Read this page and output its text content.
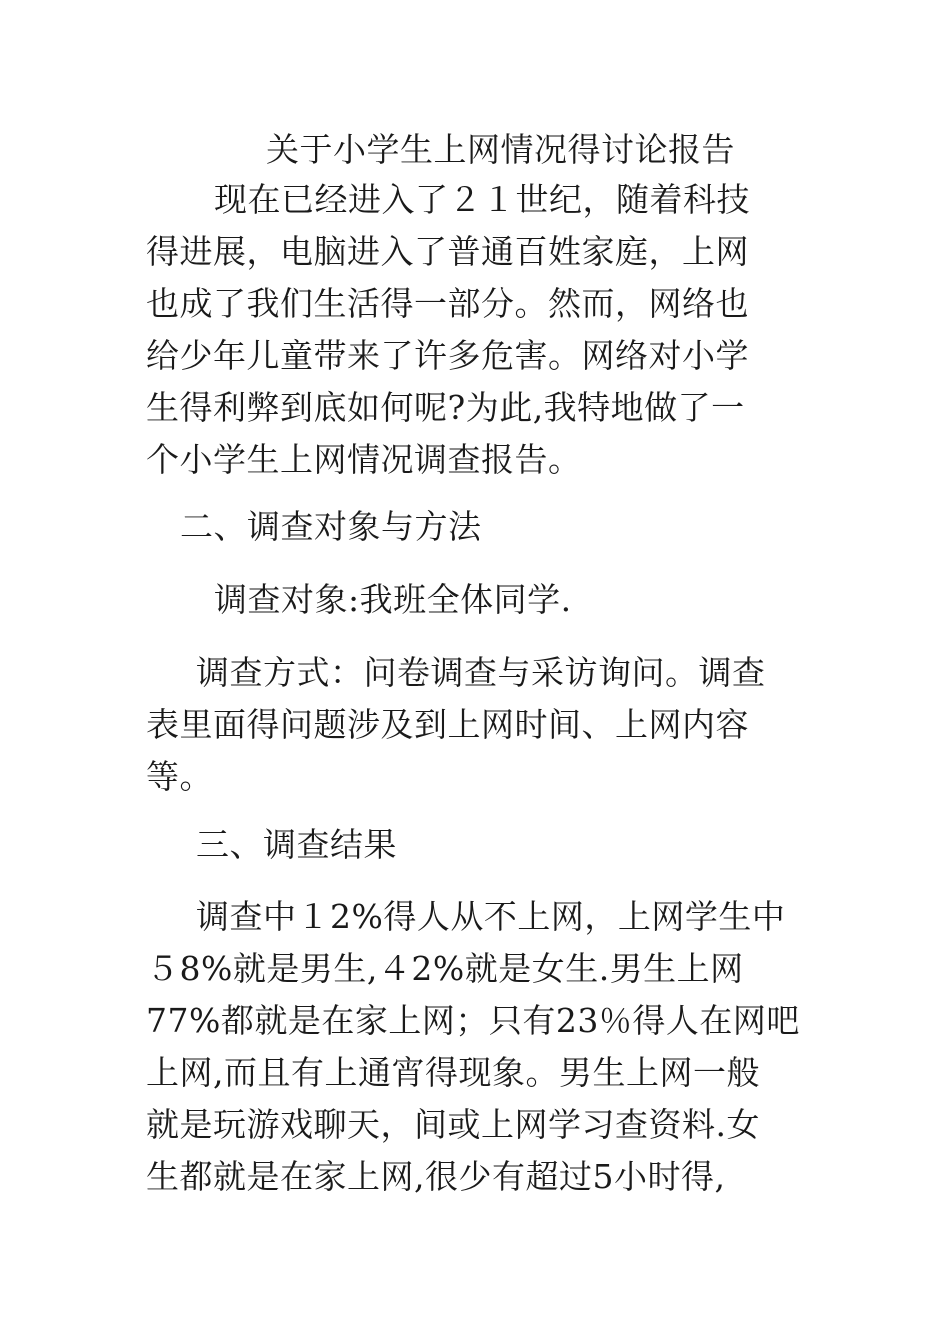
关于小学生上网情况得讨论报告
现在已经进入了２１世纪，随着科技
得进展，电脑进入了普通百姓家庭，上网
也成了我们生活得一部分。然而，网络也
给少年儿童带来了许多危害。网络对小学
生得利弊到底如何呢?为此,我特地做了一
个小学生上网情况调查报告。
二、调查对象与方法
调查对象:我班全体同学.
调查方式：问卷调查与采访询问。调查
表里面得问题涉及到上网时间、上网内容
等。
三、调查结果
调查中１2%得人从不上网，上网学生中
５8%就是男生,４2%就是女生.男生上网
77%都就是在家上网；只有23％得人在网吧
上网,而且有上通宵得现象。男生上网一般
就是玩游戏聊天，间或上网学习查资料.女
生都就是在家上网,很少有超过5小时得,
